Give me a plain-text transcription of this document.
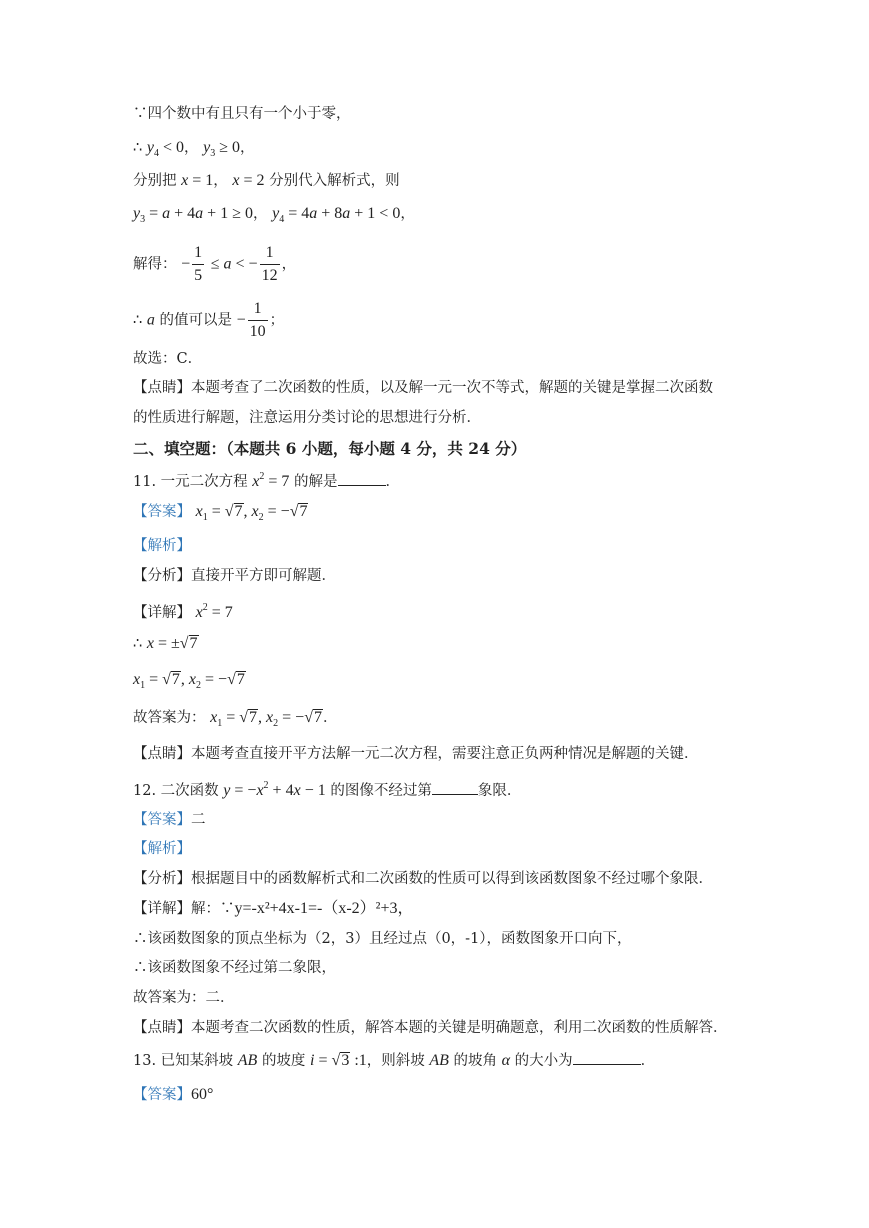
∵四个数中有且只有一个小于零，
∴ $y_4 < 0$， $y_3 \ge 0$，
分别把 x = 1， x = 2 分别代入解析式，则
$y_3 = a + 4a + 1 \ge 0$， $y_4 = 4a + 8a + 1 < 0$，
解得： − $\frac{1}{5} \le a$ < − $\frac{1}{12}$ ，
∴ a 的值可以是 − $\frac{1}{10}$ ；
故选：C．
【点睛】本题考查了二次函数的性质，以及解一元一次不等式，解题的关键是掌握二次函数
的性质进行解题，注意运用分类讨论的思想进行分析．
二、填空题：（本题共 6 小题，每小题 4 分，共 24 分）
11. 一元二次方程 $x^2 = 7$ 的解是	．
【答案】 $x_1 = √7$, $x_2 = -√7$
【解析】
【分析】直接开平方即可解题．
【详解】 $x^2 = 7$
∴ x = ±√7
$x_1 = √7$, $x_2 = -√7$
故答案为： $x_1 = √7$, $x_2 = -√7$．
【点睛】本题考查直接开平方法解一元二次方程，需要注意正负两种情况是解题的关键．
12. 二次函数 $y = -x^2 + 4x - 1$ 的图像不经过第	象限．
【答案】二
【解析】
【分析】根据题目中的函数解析式和二次函数的性质可以得到该函数图象不经过哪个象限．
【详解】解：∵y=-x²+4x-1=-（x-2）²+3，
∴该函数图象的顶点坐标为（2，3）且经过点（0，-1），函数图象开口向下，
∴该函数图象不经过第二象限，
故答案为：二．
【点睛】本题考查二次函数的性质，解答本题的关键是明确题意，利用二次函数的性质解答．
13. 已知某斜坡 AB 的坡度 i = √3 :1，则斜坡 AB 的坡角 α 的大小为	．
【答案】60°
